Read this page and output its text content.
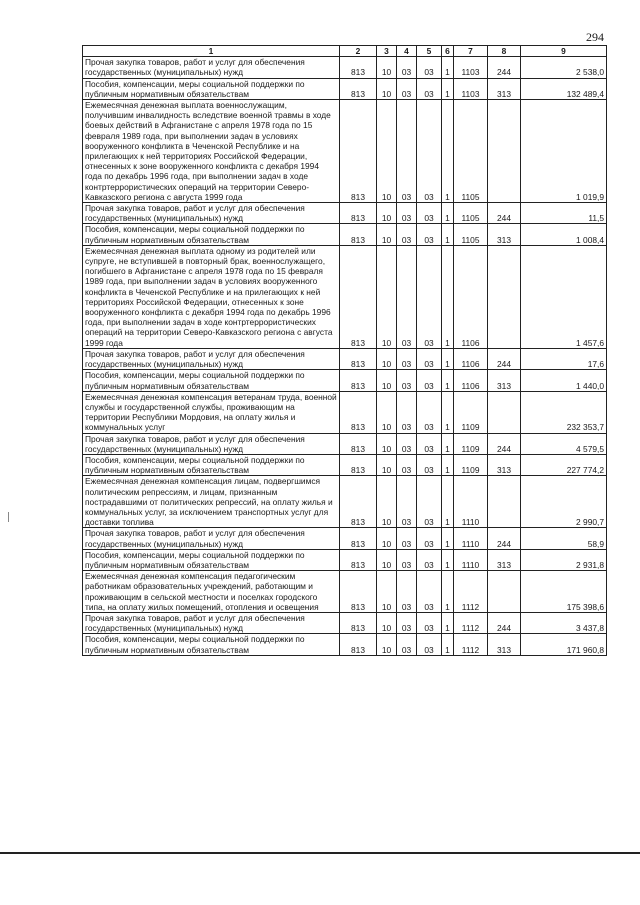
294
1	2	3	4	5	6	7	8	9
Прочая закупка товаров, работ и услуг для обеспечения государственных (муниципальных) нужд	813	10	03	03	1	1103	244	2 538,0
Пособия, компенсации, меры социальной поддержки по публичным нормативным обязательствам	813	10	03	03	1	1103	313	132 489,4
Ежемесячная денежная выплата военнослужащим, получившим инвалидность вследствие военной травмы в ходе боевых действий в Афганистане с апреля 1978 года по 15 февраля 1989 года, при выполнении задач в условиях вооруженного конфликта в Чеченской Республике и на прилегающих к ней территориях Российской Федерации, отнесенных к зоне вооруженного конфликта с декабря 1994 года по декабрь 1996 года, при выполнении задач в ходе контртеррористических операций на территории Северо-Кавказского региона с августа 1999 года	813	10	03	03	1	1105		1 019,9
Прочая закупка товаров, работ и услуг для обеспечения государственных (муниципальных) нужд	813	10	03	03	1	1105	244	11,5
Пособия, компенсации, меры социальной поддержки по публичным нормативным обязательствам	813	10	03	03	1	1105	313	1 008,4
Ежемесячная денежная выплата одному из родителей или супруге, не вступившей в повторный брак, военнослужащего, погибшего в Афганистане с апреля 1978 года по 15 февраля 1989 года, при выполнении задач в условиях вооруженного конфликта в Чеченской Республике и на прилегающих к ней территориях Российской Федерации, отнесенных к зоне вооруженного конфликта с декабря 1994 года по декабрь 1996 года, при выполнении задач в ходе контртеррористических операций на территории Северо-Кавказского региона с августа 1999 года	813	10	03	03	1	1106		1 457,6
Прочая закупка товаров, работ и услуг для обеспечения государственных (муниципальных) нужд	813	10	03	03	1	1106	244	17,6
Пособия, компенсации, меры социальной поддержки по публичным нормативным обязательствам	813	10	03	03	1	1106	313	1 440,0
Ежемесячная денежная компенсация ветеранам труда, военной службы и государственной службы, проживающим на территории Республики Мордовия, на оплату жилья и коммунальных услуг	813	10	03	03	1	1109		232 353,7
Прочая закупка товаров, работ и услуг для обеспечения государственных (муниципальных) нужд	813	10	03	03	1	1109	244	4 579,5
Пособия, компенсации, меры социальной поддержки по публичным нормативным обязательствам	813	10	03	03	1	1109	313	227 774,2
Ежемесячная денежная компенсация лицам, подвергшимся политическим репрессиям, и лицам, признанным пострадавшими от политических репрессий, на оплату жилья и коммунальных услуг, за исключением транспортных услуг для доставки топлива	813	10	03	03	1	1110		2 990,7
Прочая закупка товаров, работ и услуг для обеспечения государственных (муниципальных) нужд	813	10	03	03	1	1110	244	58,9
Пособия, компенсации, меры социальной поддержки по публичным нормативным обязательствам	813	10	03	03	1	1110	313	2 931,8
Ежемесячная денежная компенсация педагогическим работникам образовательных учреждений, работающим и проживающим в сельской местности и поселках городского типа, на оплату жилых помещений, отопления и освещения	813	10	03	03	1	1112		175 398,6
Прочая закупка товаров, работ и услуг для обеспечения государственных (муниципальных) нужд	813	10	03	03	1	1112	244	3 437,8
Пособия, компенсации, меры социальной поддержки по публичным нормативным обязательствам	813	10	03	03	1	1112	313	171 960,8
